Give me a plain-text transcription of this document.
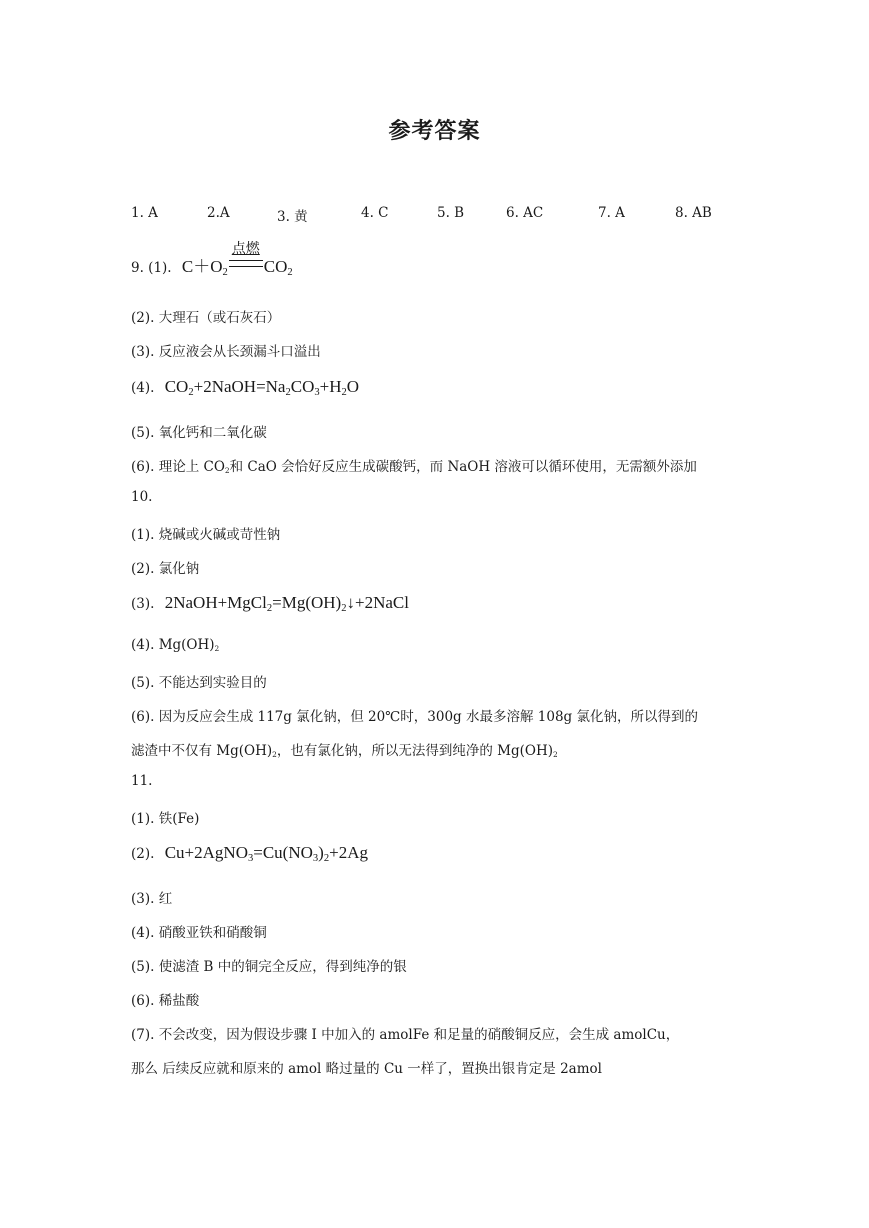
参考答案
1. A	2.A	3. 黄	4. C	5. B	6. AC	7. A	8. AB
9. (1). $C+O_2$
点燃
$CO_2$
(2). 大理石（或石灰石）
(3). 反应液会从长颈漏斗口溢出
(4). $CO_2+2NaOH=Na_2CO_3+H_2O$
(5). 氧化钙和二氧化碳
(6). 理论上 CO2和 CaO 会恰好反应生成碳酸钙，而 NaOH 溶液可以循环使用，无需额外添加
10.
(1). 烧碱或火碱或苛性钠
(2). 氯化钠
(3). $2NaOH+MgCl_2=Mg(OH)_2↓+2NaCl$
(4). Mg(OH)2
(5). 不能达到实验目的
(6). 因为反应会生成 117g 氯化钠，但 20℃时，300g 水最多溶解 108g 氯化钠，所以得到的
滤渣中不仅有 Mg(OH)2，也有氯化钠，所以无法得到纯净的 Mg(OH)2
11.
(1). 铁(Fe)
(2). $Cu+2AgNO_3=Cu(NO_3)_2+2Ag$
(3). 红
(4). 硝酸亚铁和硝酸铜
(5). 使滤渣 B 中的铜完全反应，得到纯净的银
(6). 稀盐酸
(7). 不会改变，因为假设步骤 I 中加入的 amolFe 和足量的硝酸铜反应，会生成 amolCu，
那么 后续反应就和原来的 amol 略过量的 Cu 一样了，置换出银肯定是 2amol
